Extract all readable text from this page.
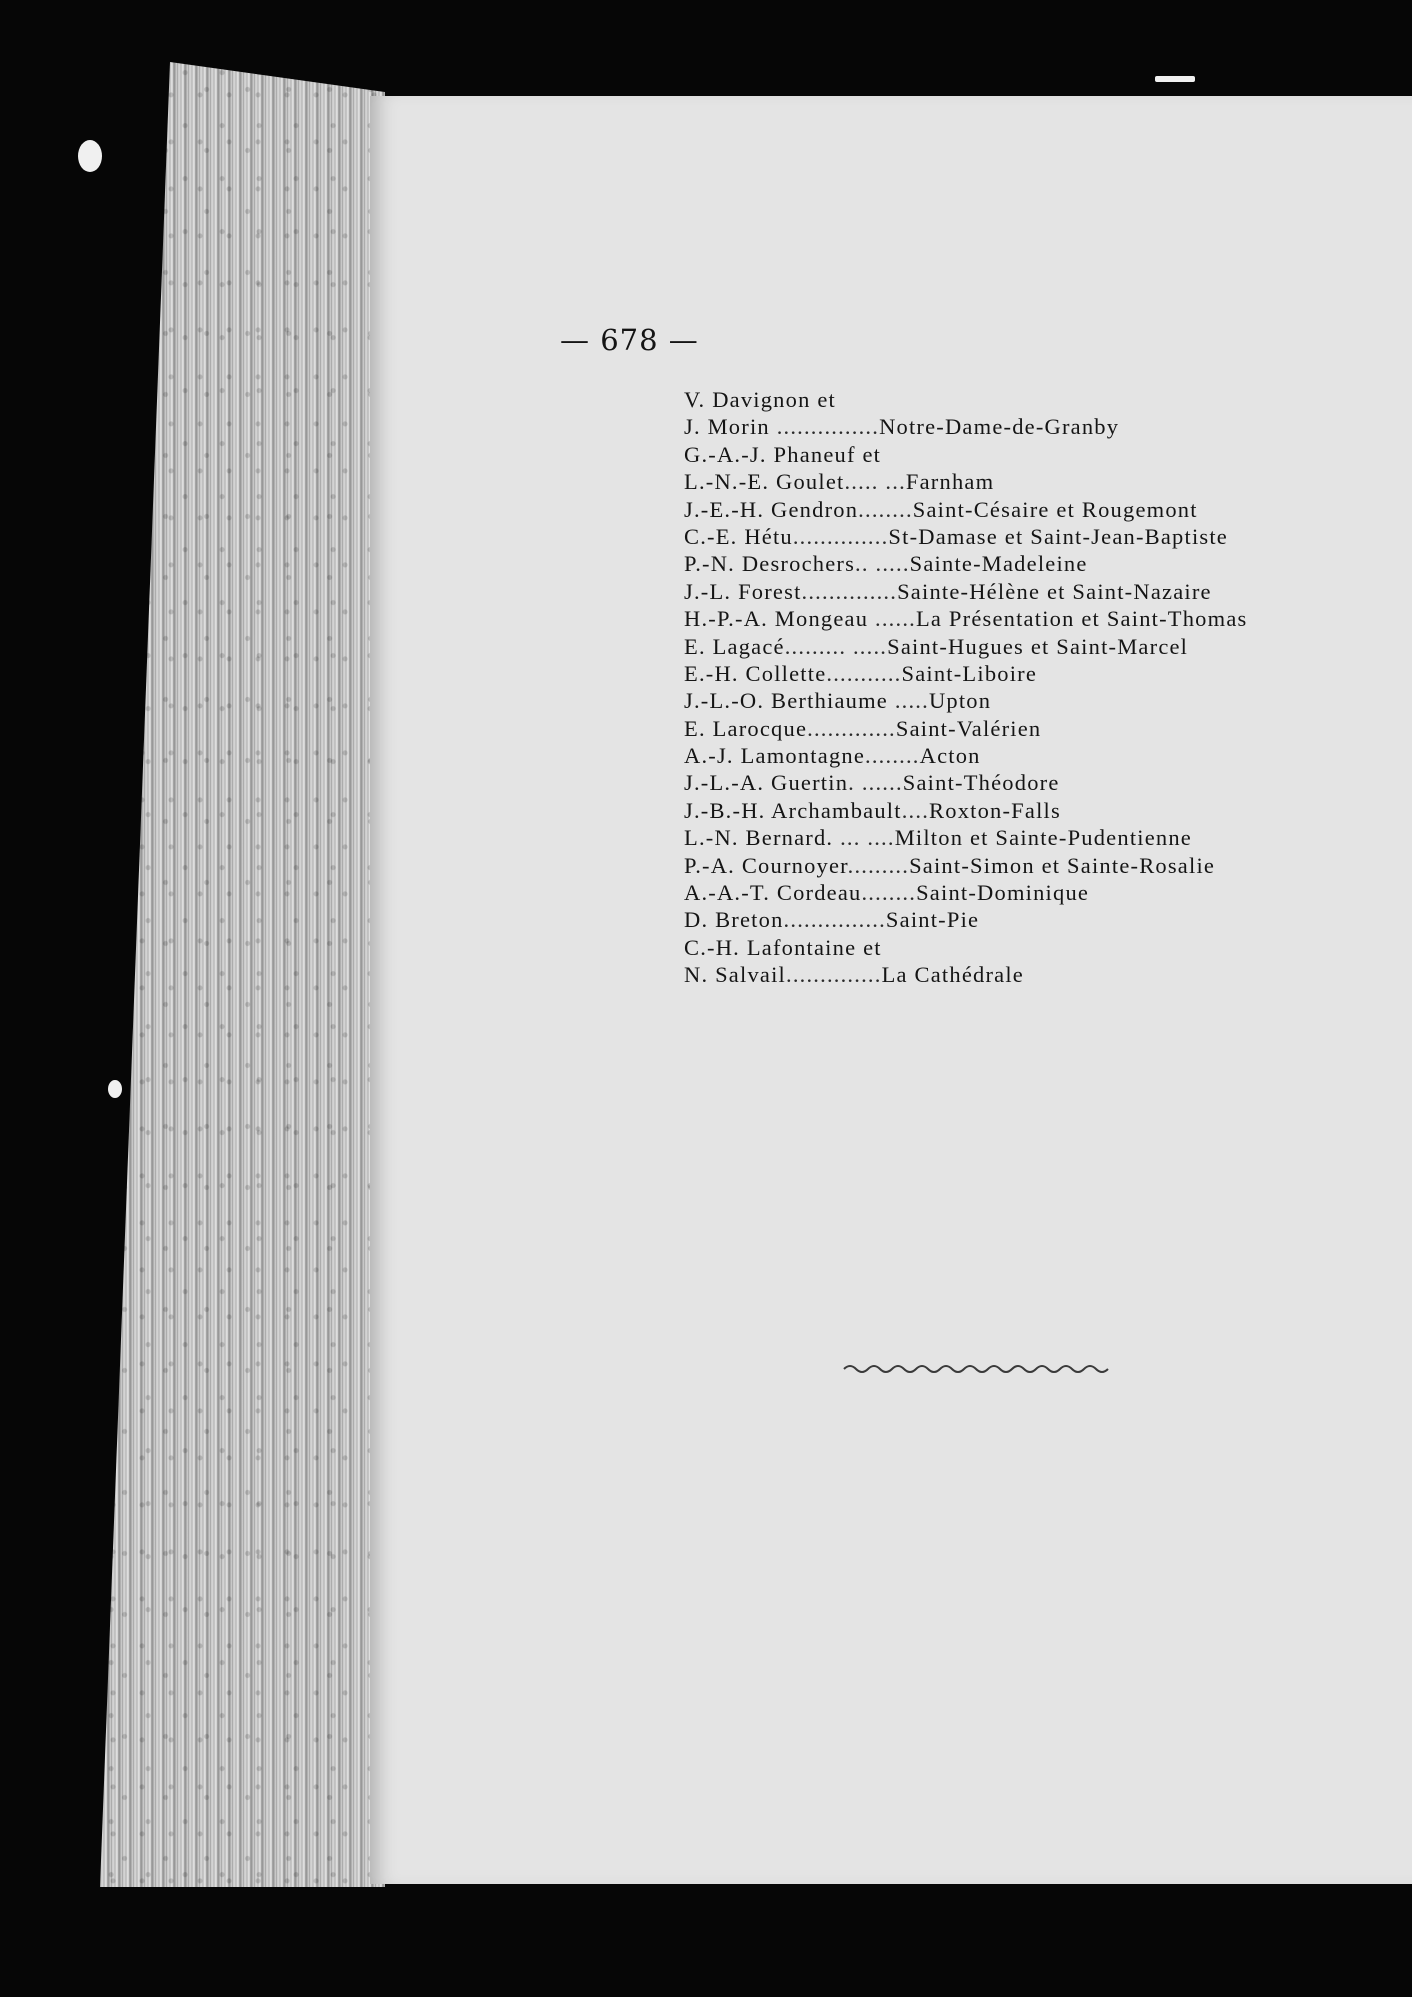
— 678 —
V. Davignon et
J. Morin ...............Notre-Dame-de-Granby
G.-A.-J. Phaneuf et
L.-N.-E. Goulet..... ...Farnham
J.-E.-H. Gendron........Saint-Césaire et Rougemont
C.-E. Hétu..............St-Damase et Saint-Jean-Baptiste
P.-N. Desrochers.. .....Sainte-Madeleine
J.-L. Forest..............Sainte-Hélène et Saint-Nazaire
H.-P.-A. Mongeau ......La Présentation et Saint-Thomas
E. Lagacé......... .....Saint-Hugues et Saint-Marcel
E.-H. Collette...........Saint-Liboire
J.-L.-O. Berthiaume .....Upton
E. Larocque.............Saint-Valérien
A.-J. Lamontagne........Acton
J.-L.-A. Guertin. ......Saint-Théodore
J.-B.-H. Archambault....Roxton-Falls
L.-N. Bernard. ... ....Milton et Sainte-Pudentienne
P.-A. Cournoyer.........Saint-Simon et Sainte-Rosalie
A.-A.-T. Cordeau........Saint-Dominique
D. Breton...............Saint-Pie
C.-H. Lafontaine et
N. Salvail..............La Cathédrale
